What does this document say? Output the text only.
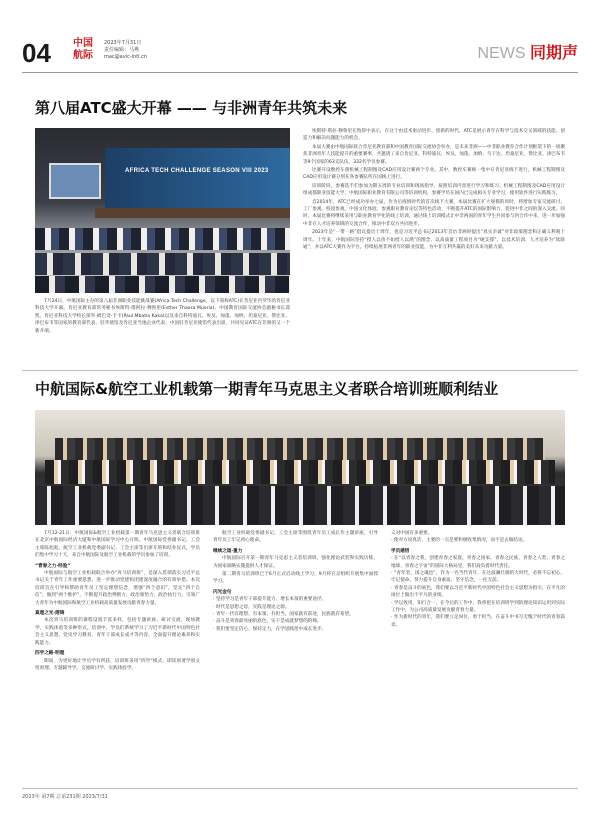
04	中国
航际
2023年7月31日
责任编辑：马燕
mac@avic-intl.cn	NEWS 同期声
第八届ATC盛大开幕 —— 与非洲青年共筑未来
AFRICA TECH CHALLENGE SEASON VIII 2023

7月24日，中航国际主办的第八届非洲职业技能挑战赛(Africa Tech Challenge，以下简称ATC)在肯尼亚内罗毕的肯尼亚科技大学开幕。肯尼亚教育部常务秘书埃斯特·塔阿拉·穆鲁里(Esther Thaara Muoria)、中国教育国际交流协会副秘书长邱凯、肯尼亚科技大学校长保罗·姆巴奇·卡卡(Paul Mbatia Kaka)以及来自科特迪瓦、埃及、加蓬、加纳、坦桑尼亚、赞比亚、津巴布韦等国家的教育部代表、驻华使馆及肯尼亚当地企业代表、中国驻肯尼亚使馆代表出席，共同见证ATC在非洲的又一个新开端。

埃斯特·塔拉·穆鲁里在致辞中表示，在这个由技术驱动进步、创新的时代，ATC是展示青年在科学与技术交叉领域的技能、创造力和解决问题能力的机会。

本届大赛由中航国际联合肯尼亚教育部和中国教育国际交流协会举办，是未来非洲——中非职业教育合作计划框架下的一项聚焦非洲青年人技能提升的重要赛事，共邀请了来自肯尼亚、科特迪瓦、埃及、加蓬、加纳、乌干达、坦桑尼亚、赞比亚、津巴布韦等9个国家的63支队伍、332名学员参赛。

比赛开设数控车削机械工程制图及CAD应用设计赛两个专业。其中，数控车赛统一集中在肯尼亚线下进行，机械工程制图及CAD应用设计赛分别在各参赛队所在国线上进行。

培训阶段，参赛选手们参加为期五周的专业培训和现场指导，按照培训内容进行学习和练习。机械工程制图及CAD应用设计组成都职业技能大学、中航国际职业教育有限公司等培训机构，参赛学员在国内已完成相关专业学习，使用软件进行实践练习。

自2014年，ATC已经成功举办七届，作为后疫情时代的首次线下大赛，本届比赛在扩大规模的同时，将增加专家交流研讨、工厂参观、校园参观、中国文化体验、参观职业教育论坛等特色活动，不断提升ATC的国际影响力，促进中非之间的深入交流。同时，本届比赛将继续采用与职业教育学化的线上培训，通过线上培训模式让中非两国的青年学生共同参与到合作中来，进一步加强中非在人才培养领域的交流合作，推动中非双方共同进步。

2023年是“一带一路”倡议提出十周年，也是习近平总书记2013年首访非洲时提出“真实亲诚”对非政策理念和正确义利观十周年。十年来，中航国际坚持“授人以鱼不如授人以渔”的理念，以高质量工程项目为“硬支撑”、以技术培训、人才培养为“软联通”，并以ATC大赛作为平台，持续拓展非洲青年的职业技能，为中非互利共赢的美好未来贡献力量。

中航国际&航空工业机载第一期青年马克思主义者联合培训班顺利结业

7月12-21日，中航国际&航空工业机载第一期青年马克思主义者联合培训班在北京中航国际经济大厦和中航国际学习中心开班。中航国际党委副书记、工会主席陈旭彪，航空工业机载党委副书记、工会主席等出席开班和结业仪式，学员们集中学习十天，来自中航国际及航空工业机载的学员参加了培训。

“青春之力·经验”

中航国际与航空工业机载联合举办“青马培训班”，是深入贯彻落实习近平总书记关于青年工作重要思想，进一步推动党建和团建深度融合的有效举措。本次培训旨在引导和帮助青年员工坚定理想信念，增强“四个意识”，坚定“四个自信”，做到“两个维护”，不断提升政治判断力、政治领悟力、政治执行力，引领广大青年为中航国际和航空工业机载高质量发展贡献青春力量。

真理之光·熔铸

本次青马培训班的课程设置丰富多样，包括专题讲座、研讨交流、现场教学、实践体验等多种形式。培训中，学员们系统学习了习近平新时代中国特色社会主义思想、党史学习教育、青年干部成长成才等内容，全面提升理论素养和实践能力。

四学之路·明理

期间，为更好地让学员学有所获，培训班采用“四学”模式，即读原著学原文悟原理、专题辅导学、交流研讨学、实践体验学。

航空工业机载党委副书记、工会主席等围绕青年员工成长作主题讲座，引导青年员工牢记初心使命。

继续之道·重力

中航国际召开第一期青年马克思主义者培训班，强化理论武装和实践历练，为国家战略实施提供人才保证。

第二期青马培训班已于6月正式启动线上学习，9月将在京组织开展集中面授学习。

闪光金句
· 坚持学习是青年干部提升能力、增长本领的重要途径。
· 时代是思想之母，实践是理论之源。
· 青年一代有理想、有本领、有担当，国家就有前途，民族就有希望。
· 奋斗是青春最亮丽的底色，实干是成就梦想的阶梯。
· 我们要坚定信心、保持定力，在学思践悟中成长进步。
义对中国有多重要。
· 使对方说真话，主要的一点是要积极收集情况，而不是去做结论。
学员感悟
· 在“以青春之我，创建青春之家庭、青春之国家、青春之民族、青春之人类、青春之地球、青春之宇宙”的国际大格局里，我们肩负着时代责任。
· “青年者，国之魂也”，作为一名当代青年，在这波澜壮阔的大时代，必将不忘初心，牢记使命，努力提升自身素质，坚守信念，一往无前。
· 青春是奋斗的底色，我们要以习近平新时代中国特色社会主义思想为指引，在平凡的岗位上做出不平凡的业绩。
· 学以致用，知行合一，在今后的工作中，我将把在培训班学到的理论知识运用到实际工作中，为公司高质量发展贡献青春力量。
· 作为新时代的青年，我们要立足岗位，勇于担当，在奋斗中书写无愧于时代的青春篇章。
2023年 第7期 总第231期 2023/7/31
